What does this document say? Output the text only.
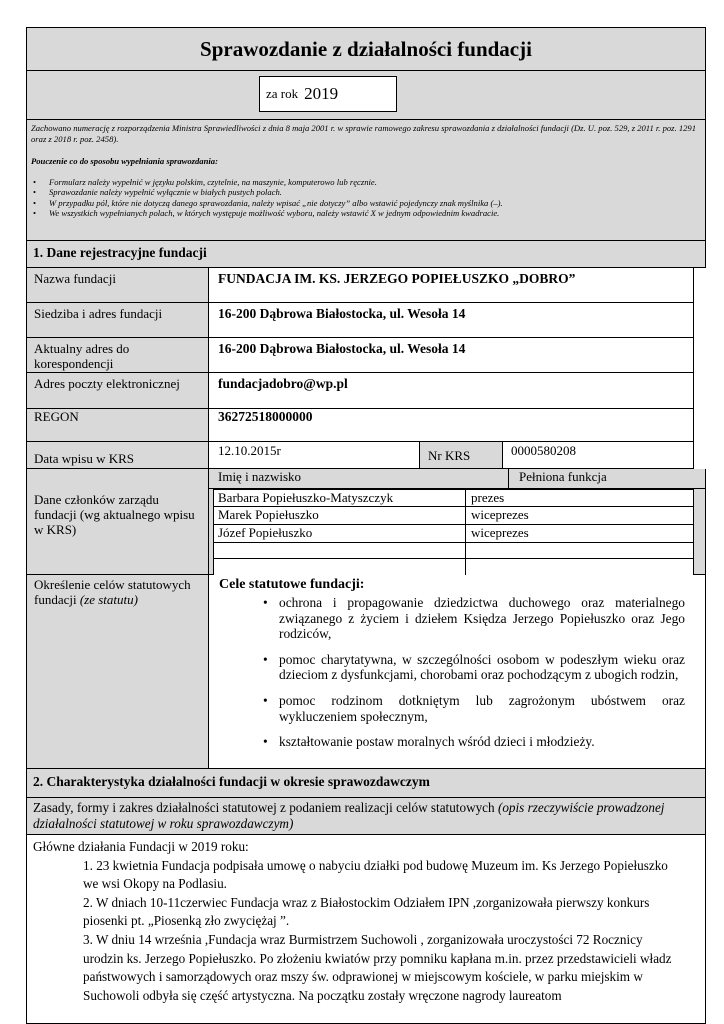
Sprawozdanie z działalności fundacji
za rok 2019

Zachowano numerację z rozporządzenia Ministra Sprawiedliwości z dnia 8 maja 2001 r. w sprawie ramowego zakresu sprawozdania z działalności fundacji (Dz. U. poz. 529, z 2011 r. poz. 1291 oraz z 2018 r. poz. 2458).

Pouczenie co do sposobu wypełniania sprawozdania:

• Formularz należy wypełnić w języku polskim, czytelnie, na maszynie, komputerowo lub ręcznie.
• Sprawozdanie należy wypełnić wyłącznie w białych pustych polach.
• W przypadku pól, które nie dotyczą danego sprawozdania, należy wpisać „nie dotyczy” albo wstawić pojedynczy znak myślnika (–).
• We wszystkich wypełnianych polach, w których występuje możliwość wyboru, należy wstawić X w jednym odpowiednim kwadracie.
1. Dane rejestracyjne fundacji
Nazwa fundacji	FUNDACJA IM. KS. JERZEGO POPIEŁUSZKO „DOBRO”
Siedziba i adres fundacji	16-200 Dąbrowa Białostocka, ul. Wesoła 14
Aktualny adres do korespondencji
16-200 Dąbrowa Białostocka, ul. Wesoła 14
Adres poczty elektronicznej	fundacjadobro@wp.pl
REGON	36272518000000
Data wpisu w KRS
12.10.2015r	Nr KRS	0000580208
Dane członków zarządu fundacji (wg aktualnego wpisu w KRS)
Imię i nazwisko	Pełniona funkcja
Barbara Popiełuszko-Matyszczyk	prezes
Marek Popiełuszko	wiceprezes
Józef Popiełuszko	wiceprezes
Określenie celów statutowych fundacji (ze statutu)
Cele statutowe fundacji:
• ochrona i propagowanie dziedzictwa duchowego oraz materialnego związanego z życiem i dziełem Księdza Jerzego Popiełuszko oraz Jego rodziców,
• pomoc charytatywna, w szczególności osobom w podeszłym wieku oraz dzieciom z dysfunkcjami, chorobami oraz pochodzącym z ubogich rodzin,
• pomoc rodzinom dotkniętym lub zagrożonym ubóstwem oraz wykluczeniem społecznym,
• kształtowanie postaw moralnych wśród dzieci i młodzieży.
2. Charakterystyka działalności fundacji w okresie sprawozdawczym
Zasady, formy i zakres działalności statutowej z podaniem realizacji celów statutowych (opis rzeczywiście prowadzonej działalności statutowej w roku sprawozdawczym)
Główne działania Fundacji w 2019 roku:
1. 23 kwietnia Fundacja podpisała umowę o nabyciu działki pod budowę Muzeum im. Ks Jerzego Popiełuszko we wsi Okopy na Podlasiu.
2. W dniach 10-11czerwiec Fundacja wraz z Białostockim Odziałem IPN ,zorganizowała pierwszy konkurs piosenki pt. „Piosenką zło zwyciężaj ”.
3. W dniu 14 września ,Fundacja wraz Burmistrzem Suchowoli , zorganizowała uroczystości 72 Rocznicy urodzin ks. Jerzego Popiełuszko. Po złożeniu kwiatów przy pomniku kapłana m.in. przez przedstawicieli władz państwowych i samorządowych oraz mszy św. odprawionej w miejscowym kościele, w parku miejskim w Suchowoli odbyła się część artystyczna. Na początku zostały wręczone nagrody laureatom
